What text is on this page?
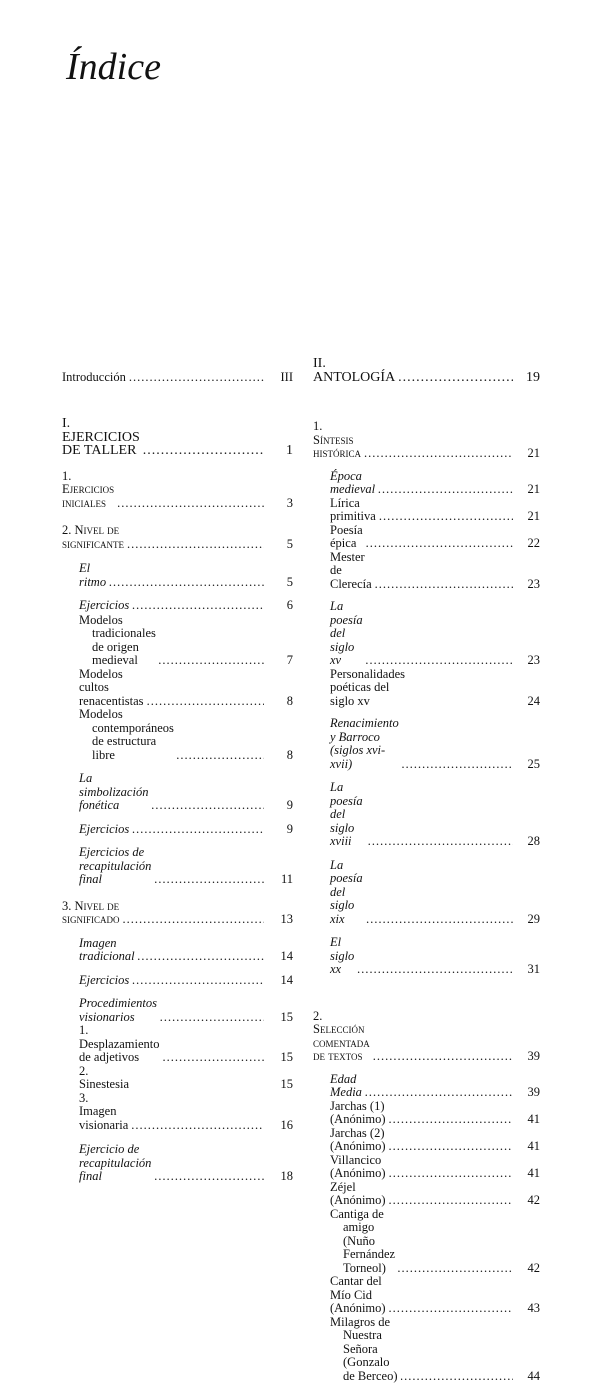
Índice
Introducción .....	III
I. EJERCICIOS DE TALLER .....	1
1. Ejercicios iniciales .....	3
2. Nivel de significante .....	5
El ritmo .....	5
Ejercicios .....	6
Modelos tradicionales de origen medieval .....	7
Modelos cultos renacentistas .....	8
Modelos contemporáneos de estructura libre .....	8
La simbolización fonética .....	9
Ejercicios .....	9
Ejercicios de recapitulación final .....	11
3. Nivel de significado .....	13
Imagen tradicional .....	14
Ejercicios .....	14
Procedimientos visionarios .....	15
1. Desplazamiento de adjetivos .....	15
2. Sinestesia	15
3. Imagen visionaria .....	16
Ejercicio de recapitulación final .....	18
II. ANTOLOGÍA .....	19
1. Síntesis histórica .....	21
Época medieval .....	21
Lírica primitiva .....	21
Poesía épica .....	22
Mester de Clerecía .....	23
La poesía del siglo xv .....	23
Personalidades poéticas del siglo xv	24
Renacimiento y Barroco (siglos xvi-xvii) .....	25
La poesía del siglo xviii .....	28
La poesía del siglo xix .....	29
El siglo xx .....	31
2. Selección comentada de textos .....	39
Edad Media .....	39
Jarchas (1) (Anónimo) .....	41
Jarchas (2) (Anónimo) .....	41
Villancico (Anónimo) .....	41
Zéjel (Anónimo) .....	42
Cantiga de amigo (Nuño Fernández Torneol) .....	42
Cantar del Mío Cid (Anónimo) .....	43
Milagros de Nuestra Señora (Gonzalo de Berceo) .....	44
